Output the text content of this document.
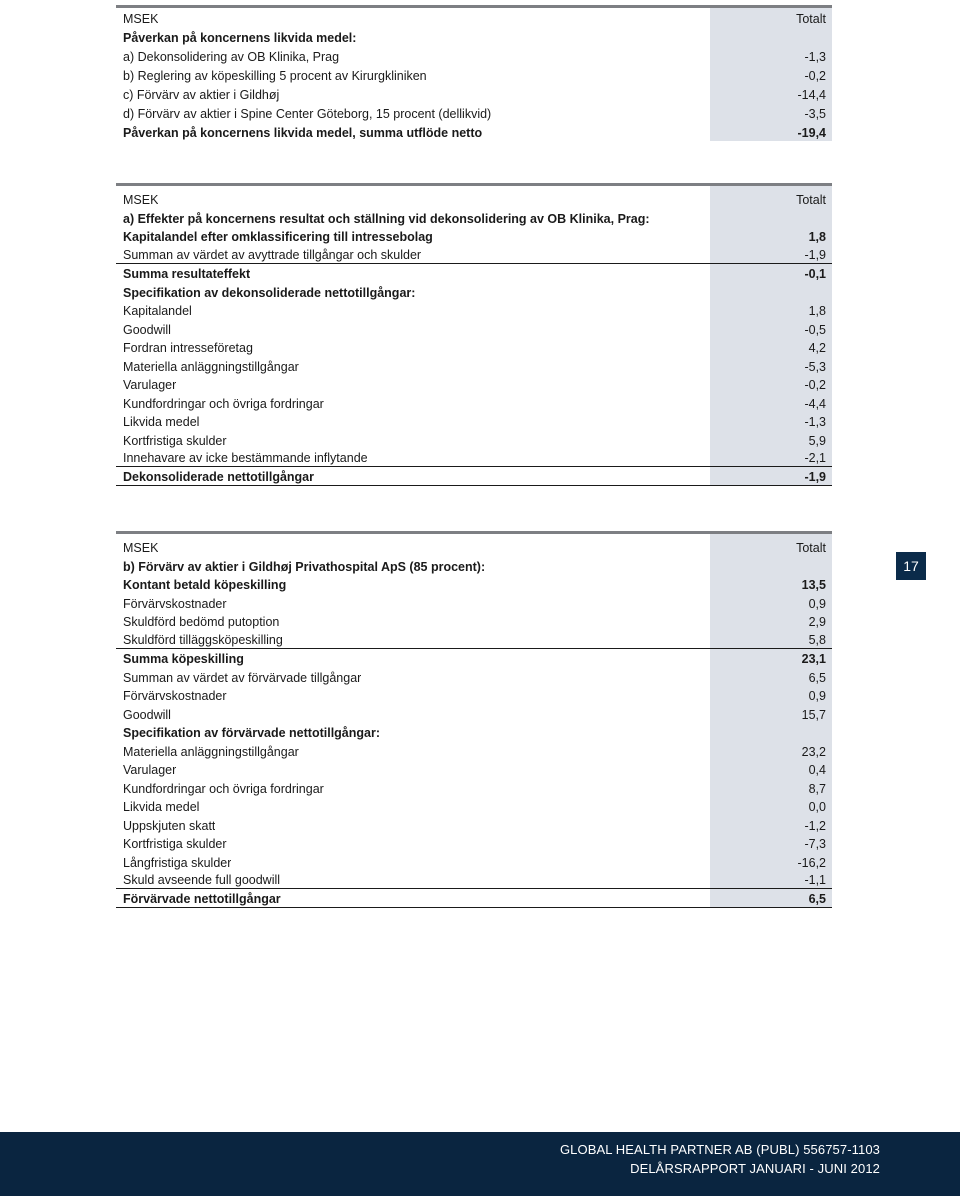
MSEK	Totalt
Påverkan på koncernens likvida medel:
a) Dekonsolidering av OB Klinika, Prag	-1,3
b) Reglering av köpeskilling 5 procent av Kirurgkliniken	-0,2
c) Förvärv av aktier i Gildhøj	-14,4
d) Förvärv av aktier i Spine Center Göteborg, 15 procent (dellikvid)	-3,5
Påverkan på koncernens likvida medel, summa utflöde netto	-19,4
MSEK	Totalt
a) Effekter på koncernens resultat och ställning vid dekonsolidering av OB Klinika, Prag:
Kapitalandel efter omklassificering till intressebolag	1,8
Summan av värdet av avyttrade tillgångar och skulder	-1,9
Summa resultateffekt	-0,1
Specifikation av dekonsoliderade nettotillgångar:
Kapitalandel	1,8
Goodwill	-0,5
Fordran intresseföretag	4,2
Materiella anläggningstillgångar	-5,3
Varulager	-0,2
Kundfordringar och övriga fordringar	-4,4
Likvida medel	-1,3
Kortfristiga skulder	5,9
Innehavare av icke bestämmande inflytande	-2,1
Dekonsoliderade nettotillgångar	-1,9
MSEK	Totalt
b) Förvärv av aktier i Gildhøj Privathospital ApS (85 procent):
Kontant betald köpeskilling	13,5
Förvärvskostnader	0,9
Skuldförd bedömd putoption	2,9
Skuldförd tilläggsköpeskilling	5,8
Summa köpeskilling	23,1
Summan av värdet av förvärvade tillgångar	6,5
Förvärvskostnader	0,9
Goodwill	15,7
Specifikation av förvärvade nettotillgångar:
Materiella anläggningstillgångar	23,2
Varulager	0,4
Kundfordringar och övriga fordringar	8,7
Likvida medel	0,0
Uppskjuten skatt	-1,2
Kortfristiga skulder	-7,3
Långfristiga skulder	-16,2
Skuld avseende full goodwill	-1,1
Förvärvade nettotillgångar	6,5
17
GLOBAL HEALTH PARTNER AB (PUBL) 556757-1103
DELÅRSRAPPORT JANUARI - JUNI 2012
